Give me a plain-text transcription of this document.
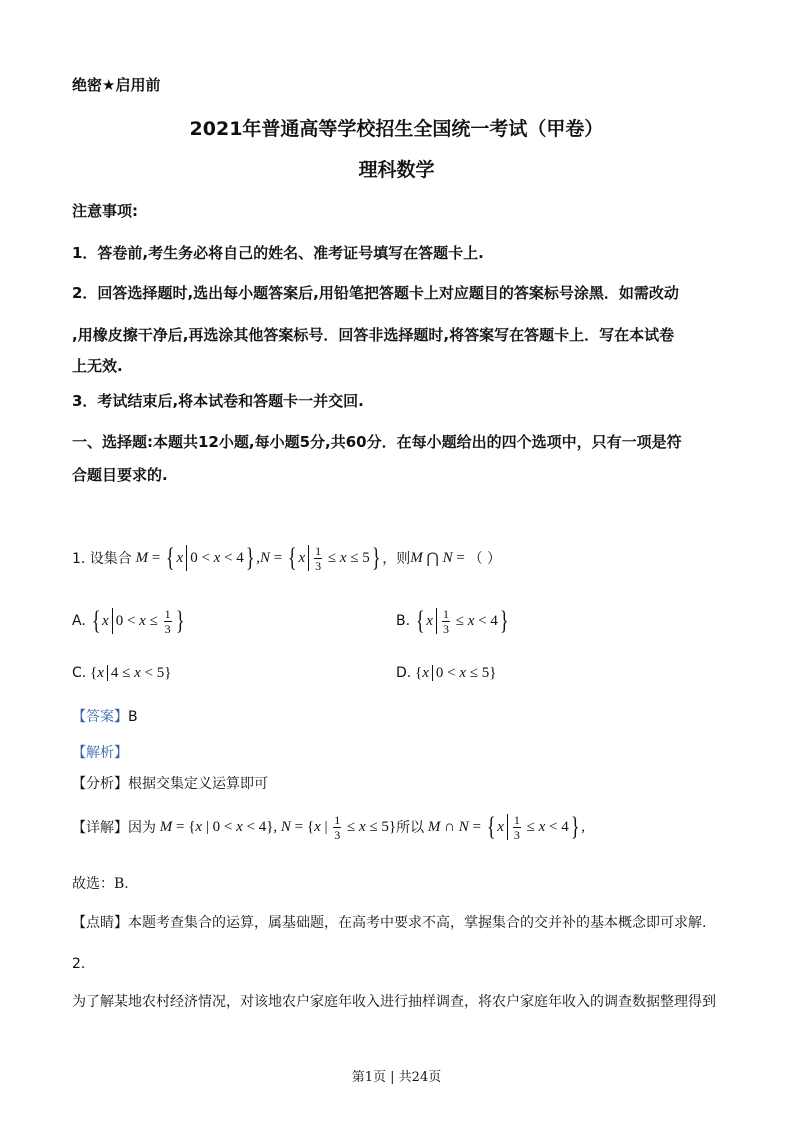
绝密★启用前
2021年普通高等学校招生全国统一考试（甲卷）
理科数学
注意事项:
1．答卷前,考生务必将自己的姓名、准考证号填写在答题卡上.
2．回答选择题时,选出每小题答案后,用铅笔把答题卡上对应题目的答案标号涂黑．如需改动
,用橡皮擦干净后,再选涂其他答案标号．回答非选择题时,将答案写在答题卡上．写在本试卷
上无效.
3．考试结束后,将本试卷和答题卡一并交回.
一、选择题:本题共12小题,每小题5分,共60分．在每小题给出的四个选项中，只有一项是符
合题目要求的.
1. 设集合 M = { x 0 < x < 4 } , N = { x $\frac{1}{3} \le x \le 5$ } ，则 M ⋂ N = （ ）
A.
{ x $0 < x \le \frac{1}{3}$ }	B.
{ x $\frac{1}{3} \le x < 4$ }
C. { x 4 ≤ x < 5}	D. { x 0 < x ≤ 5}
【答案】B
【解析】
【分析】根据交集定义运算即可
【详解】 因为
M = { x | 0 < x < 4}, N = { x | $\frac{1}{3} \le x \le 5$} 所以
M ∩ N = { x $\frac{1}{3} \le x < 4$ } ,
故选：B.
【点睛】本题考查集合的运算，属基础题，在高考中要求不高，掌握集合的交并补的基本概念即可求解.
2.
为了解某地农村经济情况，对该地农户家庭年收入进行抽样调查，将农户家庭年收入的调查数据整理得到
第1页 | 共24页
